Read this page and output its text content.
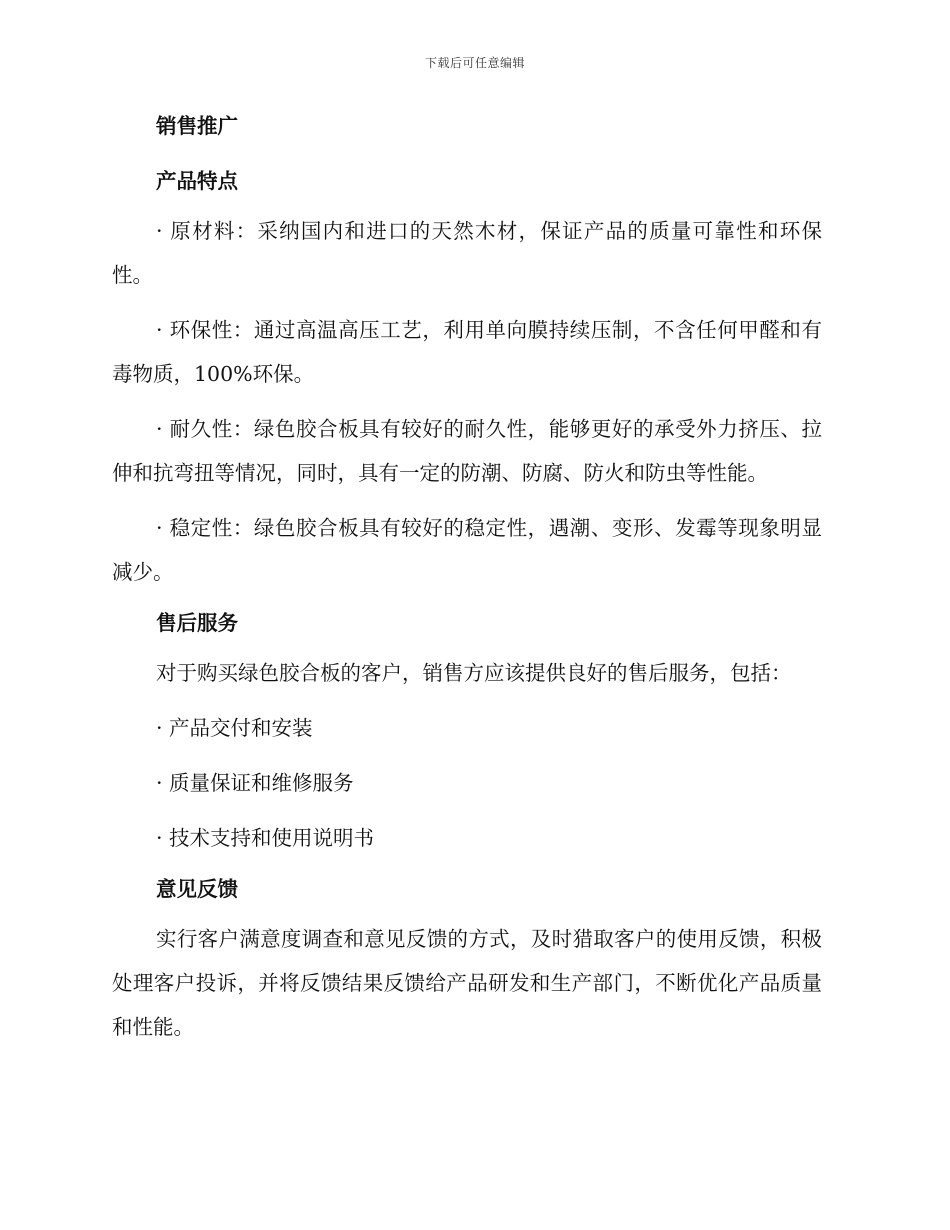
下载后可任意编辑
销售推广
产品特点

· 原材料：采纳国内和进口的天然木材，保证产品的质量可靠性和环保性。

· 环保性：通过高温高压工艺，利用单向膜持续压制，不含任何甲醛和有毒物质，100%环保。

· 耐久性：绿色胶合板具有较好的耐久性，能够更好的承受外力挤压、拉伸和抗弯扭等情况，同时，具有一定的防潮、防腐、防火和防虫等性能。

· 稳定性：绿色胶合板具有较好的稳定性，遇潮、变形、发霉等现象明显减少。

售后服务

对于购买绿色胶合板的客户，销售方应该提供良好的售后服务，包括：

· 产品交付和安装

· 质量保证和维修服务

· 技术支持和使用说明书

意见反馈

实行客户满意度调查和意见反馈的方式，及时猎取客户的使用反馈，积极处理客户投诉，并将反馈结果反馈给产品研发和生产部门，不断优化产品质量和性能。
